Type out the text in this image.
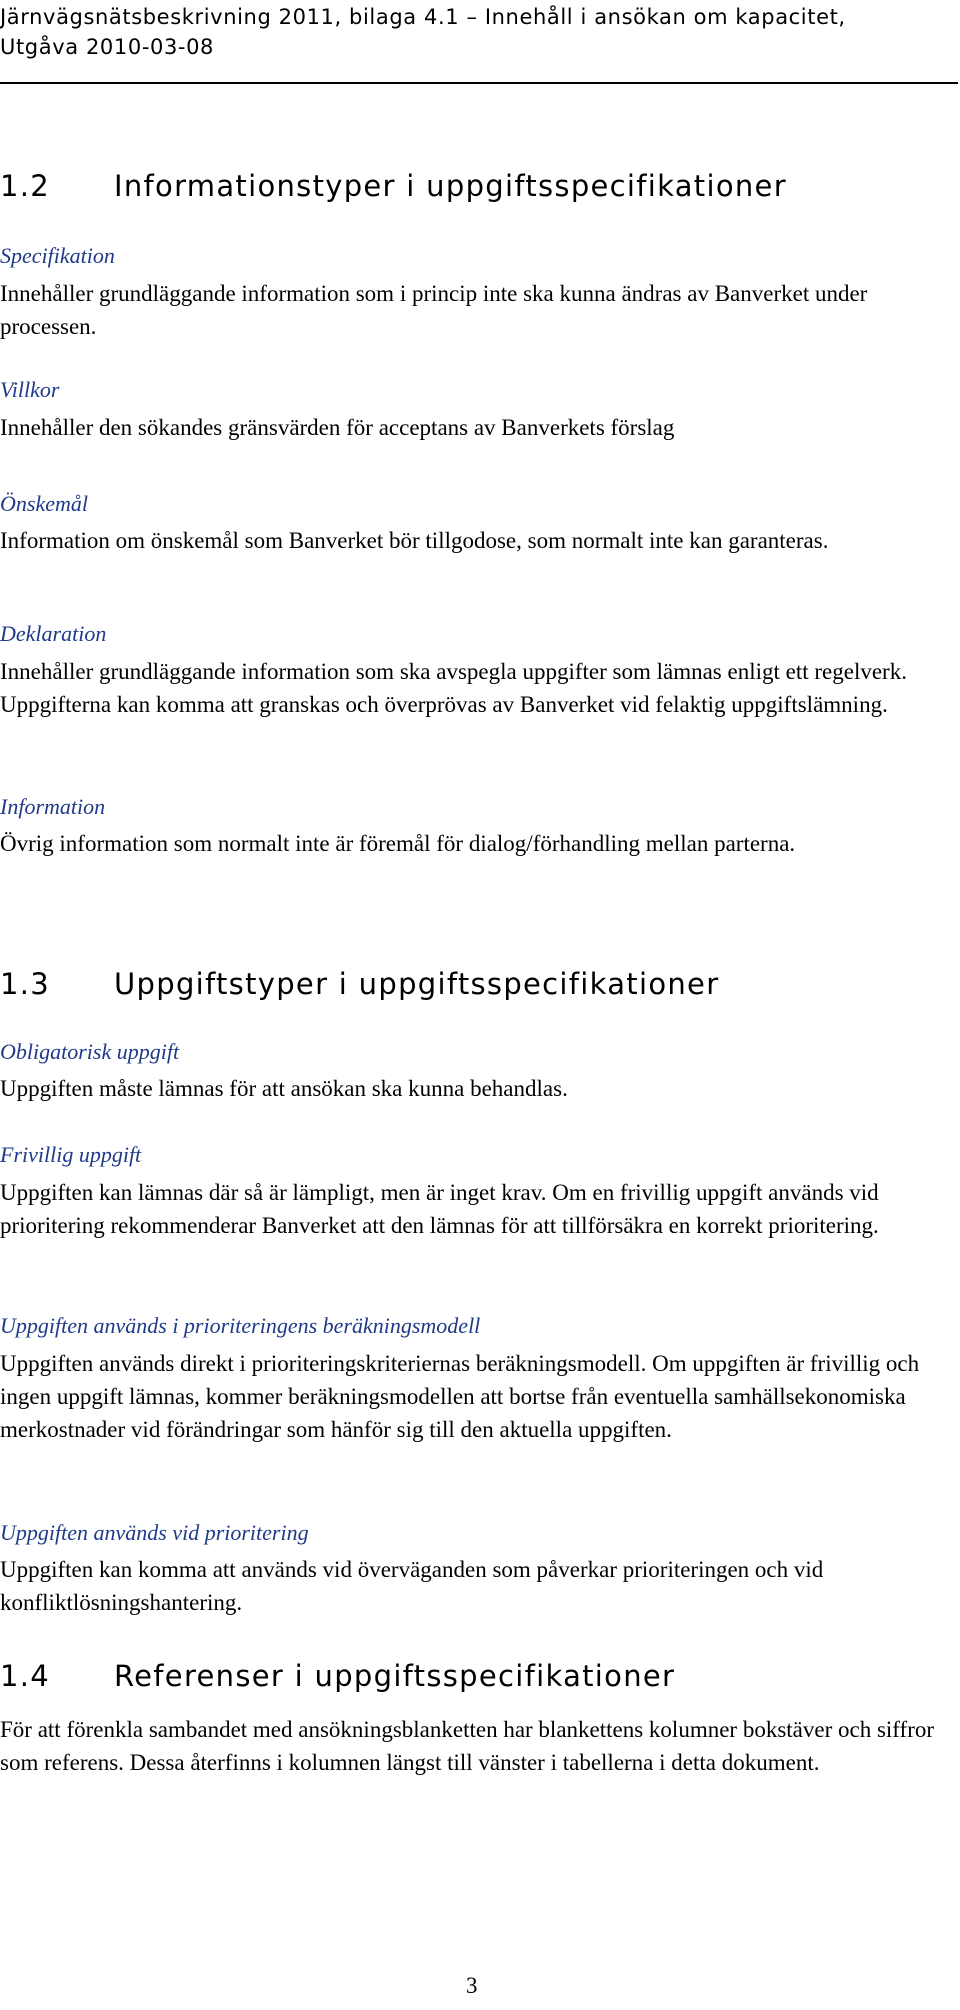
Järnvägsnätsbeskrivning 2011, bilaga 4.1 – Innehåll i ansökan om kapacitet,
Utgåva 2010-03-08
1.2 Informationstyper i uppgiftsspecifikationer
Specifikation

Innehåller grundläggande information som i princip inte ska kunna ändras av Banverket under processen.

Villkor

Innehåller den sökandes gränsvärden för acceptans av Banverkets förslag

Önskemål

Information om önskemål som Banverket bör tillgodose, som normalt inte kan garanteras.

Deklaration

Innehåller grundläggande information som ska avspegla uppgifter som lämnas enligt ett regelverk. Uppgifterna kan komma att granskas och överprövas av Banverket vid felaktig uppgiftslämning.

Information

Övrig information som normalt inte är föremål för dialog/förhandling mellan parterna.

1.3 Uppgiftstyper i uppgiftsspecifikationer
Obligatorisk uppgift

Uppgiften måste lämnas för att ansökan ska kunna behandlas.

Frivillig uppgift

Uppgiften kan lämnas där så är lämpligt, men är inget krav. Om en frivillig uppgift används vid prioritering rekommenderar Banverket att den lämnas för att tillförsäkra en korrekt prioritering.

Uppgiften används i prioriteringens beräkningsmodell

Uppgiften används direkt i prioriteringskriteriernas beräkningsmodell. Om uppgiften är frivillig och ingen uppgift lämnas, kommer beräkningsmodellen att bortse från eventuella samhällsekonomiska merkostnader vid förändringar som hänför sig till den aktuella uppgiften.

Uppgiften används vid prioritering

Uppgiften kan komma att används vid överväganden som påverkar prioriteringen och vid konfliktlösningshantering.

1.4 Referenser i uppgiftsspecifikationer

För att förenkla sambandet med ansökningsblanketten har blankettens kolumner bokstäver och siffror som referens. Dessa återfinns i kolumnen längst till vänster i tabellerna i detta dokument.

3
